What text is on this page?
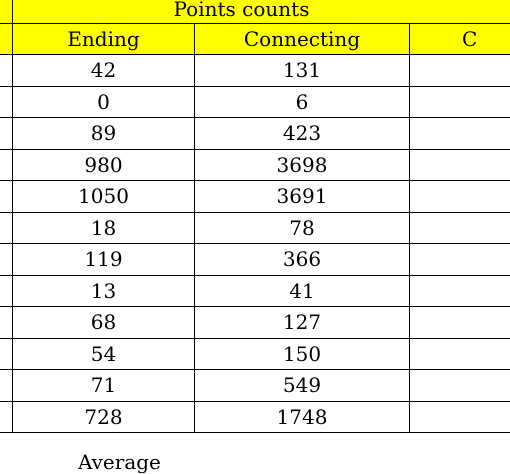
Points counts
Ending	Connecting	C
42	131
0	6
89	423
980	3698
1050	3691
18	78
119	366
13	41
68	127
54	150
71	549
728	1748
Average
